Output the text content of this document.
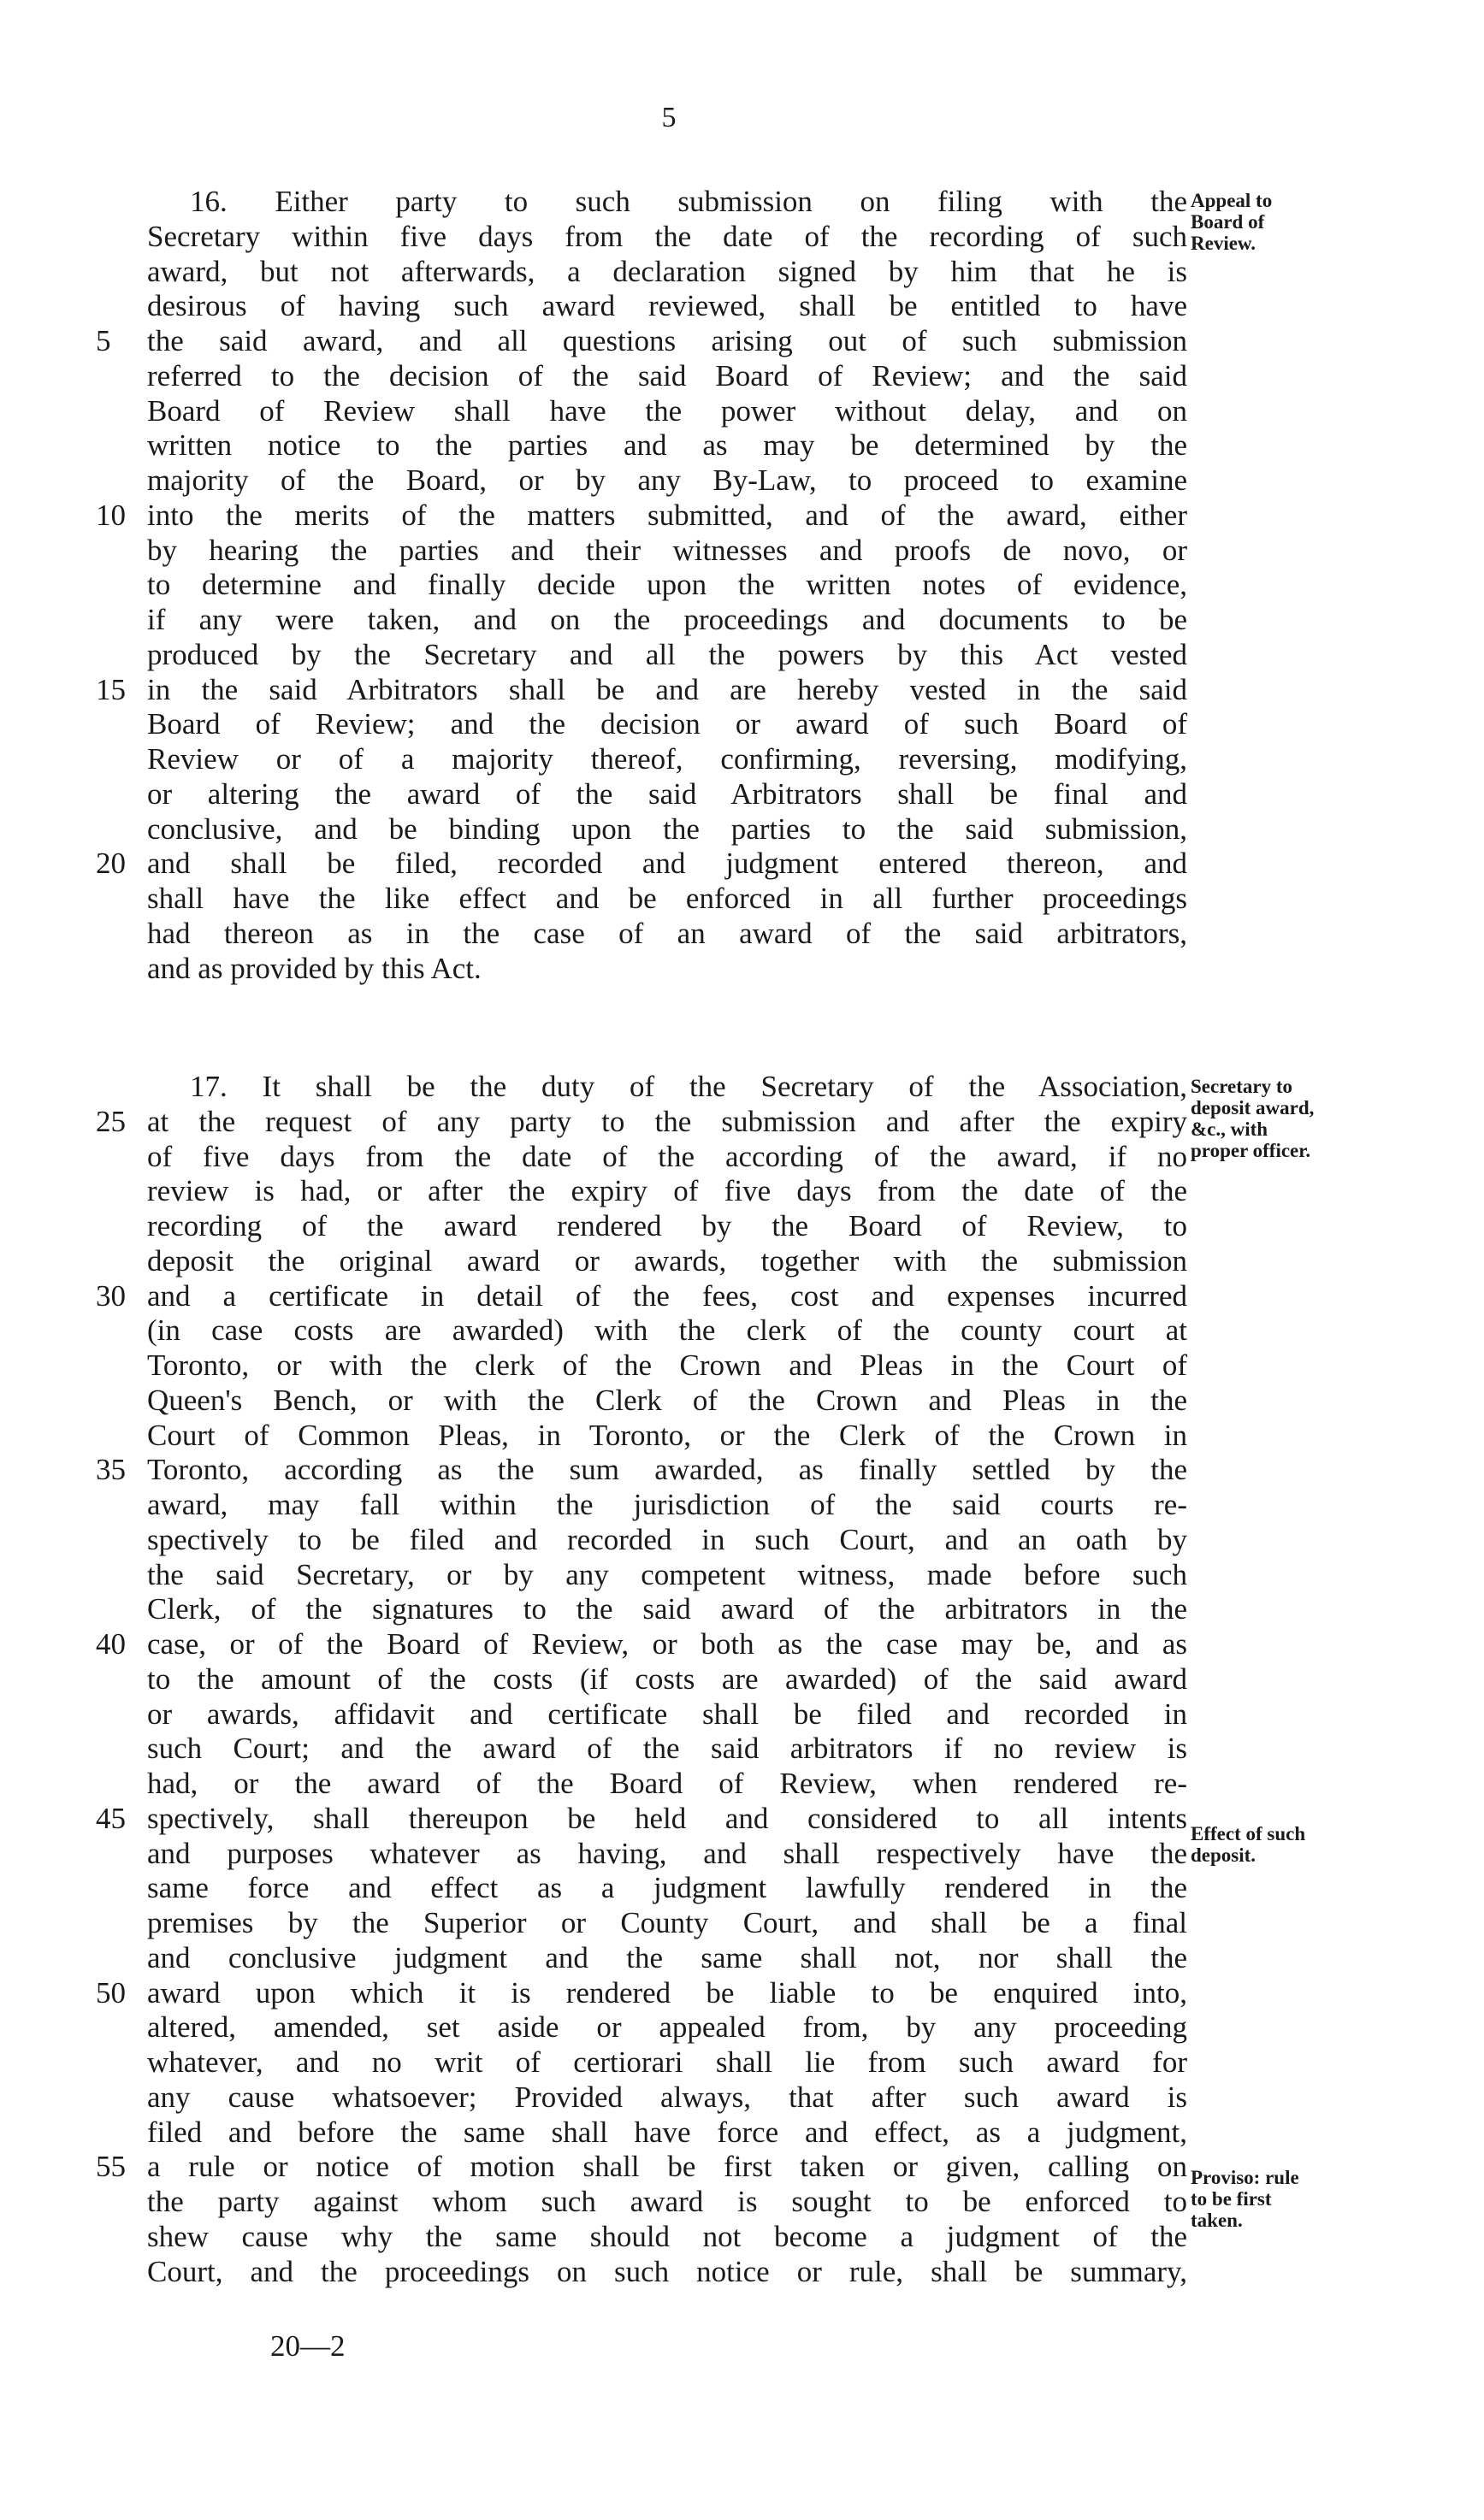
5
16. Either party to such submission on filing with the
Secretary within five days from the date of the recording of such
award, but not afterwards, a declaration signed by him that he is
desirous of having such award reviewed, shall be entitled to have
5	the said award, and all questions arising out of such submission
referred to the decision of the said Board of Review; and the said
Board of Review shall have the power without delay, and on
written notice to the parties and as may be determined by the
majority of the Board, or by any By-Law, to proceed to examine
10 into the merits of the matters submitted, and of the award, either
by hearing the parties and their witnesses and proofs de novo, or
to determine and finally decide upon the written notes of evidence,
if any were taken, and on the proceedings and documents to be
produced by the Secretary and all the powers by this Act vested
15 in the said Arbitrators shall be and are hereby vested in the said
Board of Review; and the decision or award of such Board of
Review or of a majority thereof, confirming, reversing, modifying,
or altering the award of the said Arbitrators shall be final and
conclusive, and be binding upon the parties to the said submission,
20 and shall be filed, recorded and judgment entered thereon, and
shall have the like effect and be enforced in all further proceedings
had thereon as in the case of an award of the said arbitrators,
and as provided by this Act.
17. It shall be the duty of the Secretary of the Association,
25 at the request of any party to the submission and after the expiry
of five days from the date of the according of the award, if no
review is had, or after the expiry of five days from the date of the
recording of the award rendered by the Board of Review, to
deposit the original award or awards, together with the submission
30 and a certificate in detail of the fees, cost and expenses incurred
(in case costs are awarded) with the clerk of the county court at
Toronto, or with the clerk of the Crown and Pleas in the Court of
Queen's Bench, or with the Clerk of the Crown and Pleas in the
Court of Common Pleas, in Toronto, or the Clerk of the Crown in
35 Toronto, according as the sum awarded, as finally settled by the
award, may fall within the jurisdiction of the said courts re-
spectively to be filed and recorded in such Court, and an oath by
the said Secretary, or by any competent witness, made before such
Clerk, of the signatures to the said award of the arbitrators in the
40 case, or of the Board of Review, or both as the case may be, and as
to the amount of the costs (if costs are awarded) of the said award
or awards, affidavit and certificate shall be filed and recorded in
such Court; and the award of the said arbitrators if no review is
had, or the award of the Board of Review, when rendered re-
45 spectively, shall thereupon be held and considered to all intents
and purposes whatever as having, and shall respectively have the
same force and effect as a judgment lawfully rendered in the
premises by the Superior or County Court, and shall be a final
and conclusive judgment and the same shall not, nor shall the
50 award upon which it is rendered be liable to be enquired into,
altered, amended, set aside or appealed from, by any proceeding
whatever, and no writ of certiorari shall lie from such award for
any cause whatsoever; Provided always, that after such award is
filed and before the same shall have force and effect, as a judgment,
55 a rule or notice of motion shall be first taken or given, calling on
the party against whom such award is sought to be enforced to
shew cause why the same should not become a judgment of the
Court, and the proceedings on such notice or rule, shall be summary,
Appeal to
Board of
Review.
Secretary to
deposit award,
&c., with
proper officer.
Effect of such
deposit.
Proviso: rule
to be first
taken.
20—2
